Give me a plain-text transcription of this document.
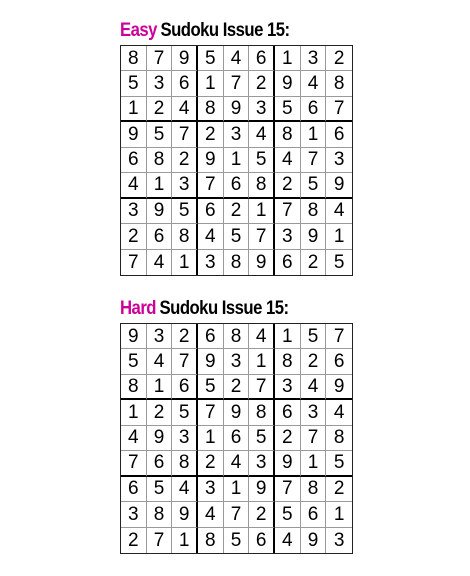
Easy Sudoku Issue 15:
8 7 9 5 4 6 1 3 2
5 3 6 1 7 2 9 4 8
1 2 4 8 9 3 5 6 7
9 5 7 2 3 4 8 1 6
6 8 2 9 1 5 4 7 3
4 1 3 7 6 8 2 5 9
3 9 5 6 2 1 7 8 4
2 6 8 4 5 7 3 9 1
7 4 1 3 8 9 6 2 5
Hard Sudoku Issue 15:
9 3 2 6 8 4 1 5 7
5 4 7 9 3 1 8 2 6
8 1 6 5 2 7 3 4 9
1 2 5 7 9 8 6 3 4
4 9 3 1 6 5 2 7 8
7 6 8 2 4 3 9 1 5
6 5 4 3 1 9 7 8 2
3 8 9 4 7 2 5 6 1
2 7 1 8 5 6 4 9 3
